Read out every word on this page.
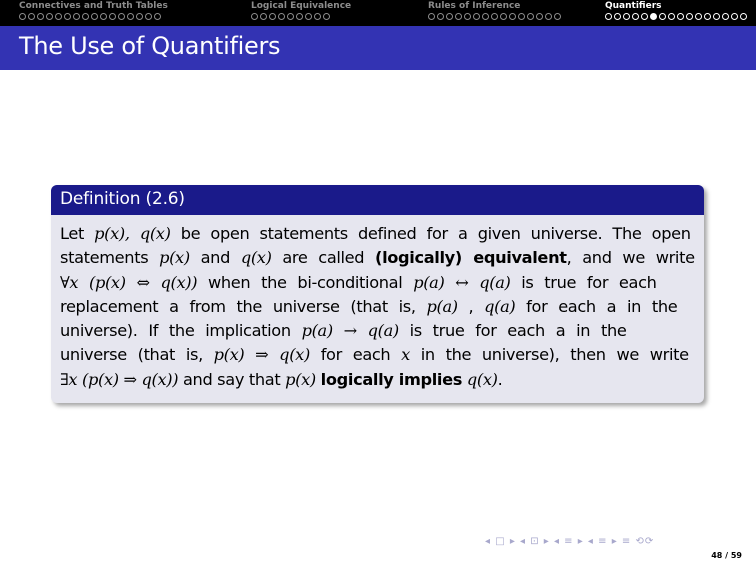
Connectives and Truth Tables	Logical Equivalence	Rules of Inference	Quantifiers
The Use of Quantifiers
Definition (2.6)
Let p(x), q(x) be open statements defined for a given universe. The open
statements p(x) and q(x) are called (logically) equivalent, and we write
∀x (p(x) ⇔ q(x)) when the bi-conditional p(a) ↔ q(a) is true for each
replacement a from the universe (that is, p(a) , q(a) for each a in the
universe). If the implication p(a) → q(a) is true for each a in the
universe (that is, p(x) ⇒ q(x) for each x in the universe), then we write
∃x (p(x) ⇒ q(x)) and say that p(x) logically implies q(x).
◂ □ ▸ ◂ ⊡ ▸ ◂ ≡ ▸ ◂ ≡ ▸ ≡ ⟲⟳
48 / 59
